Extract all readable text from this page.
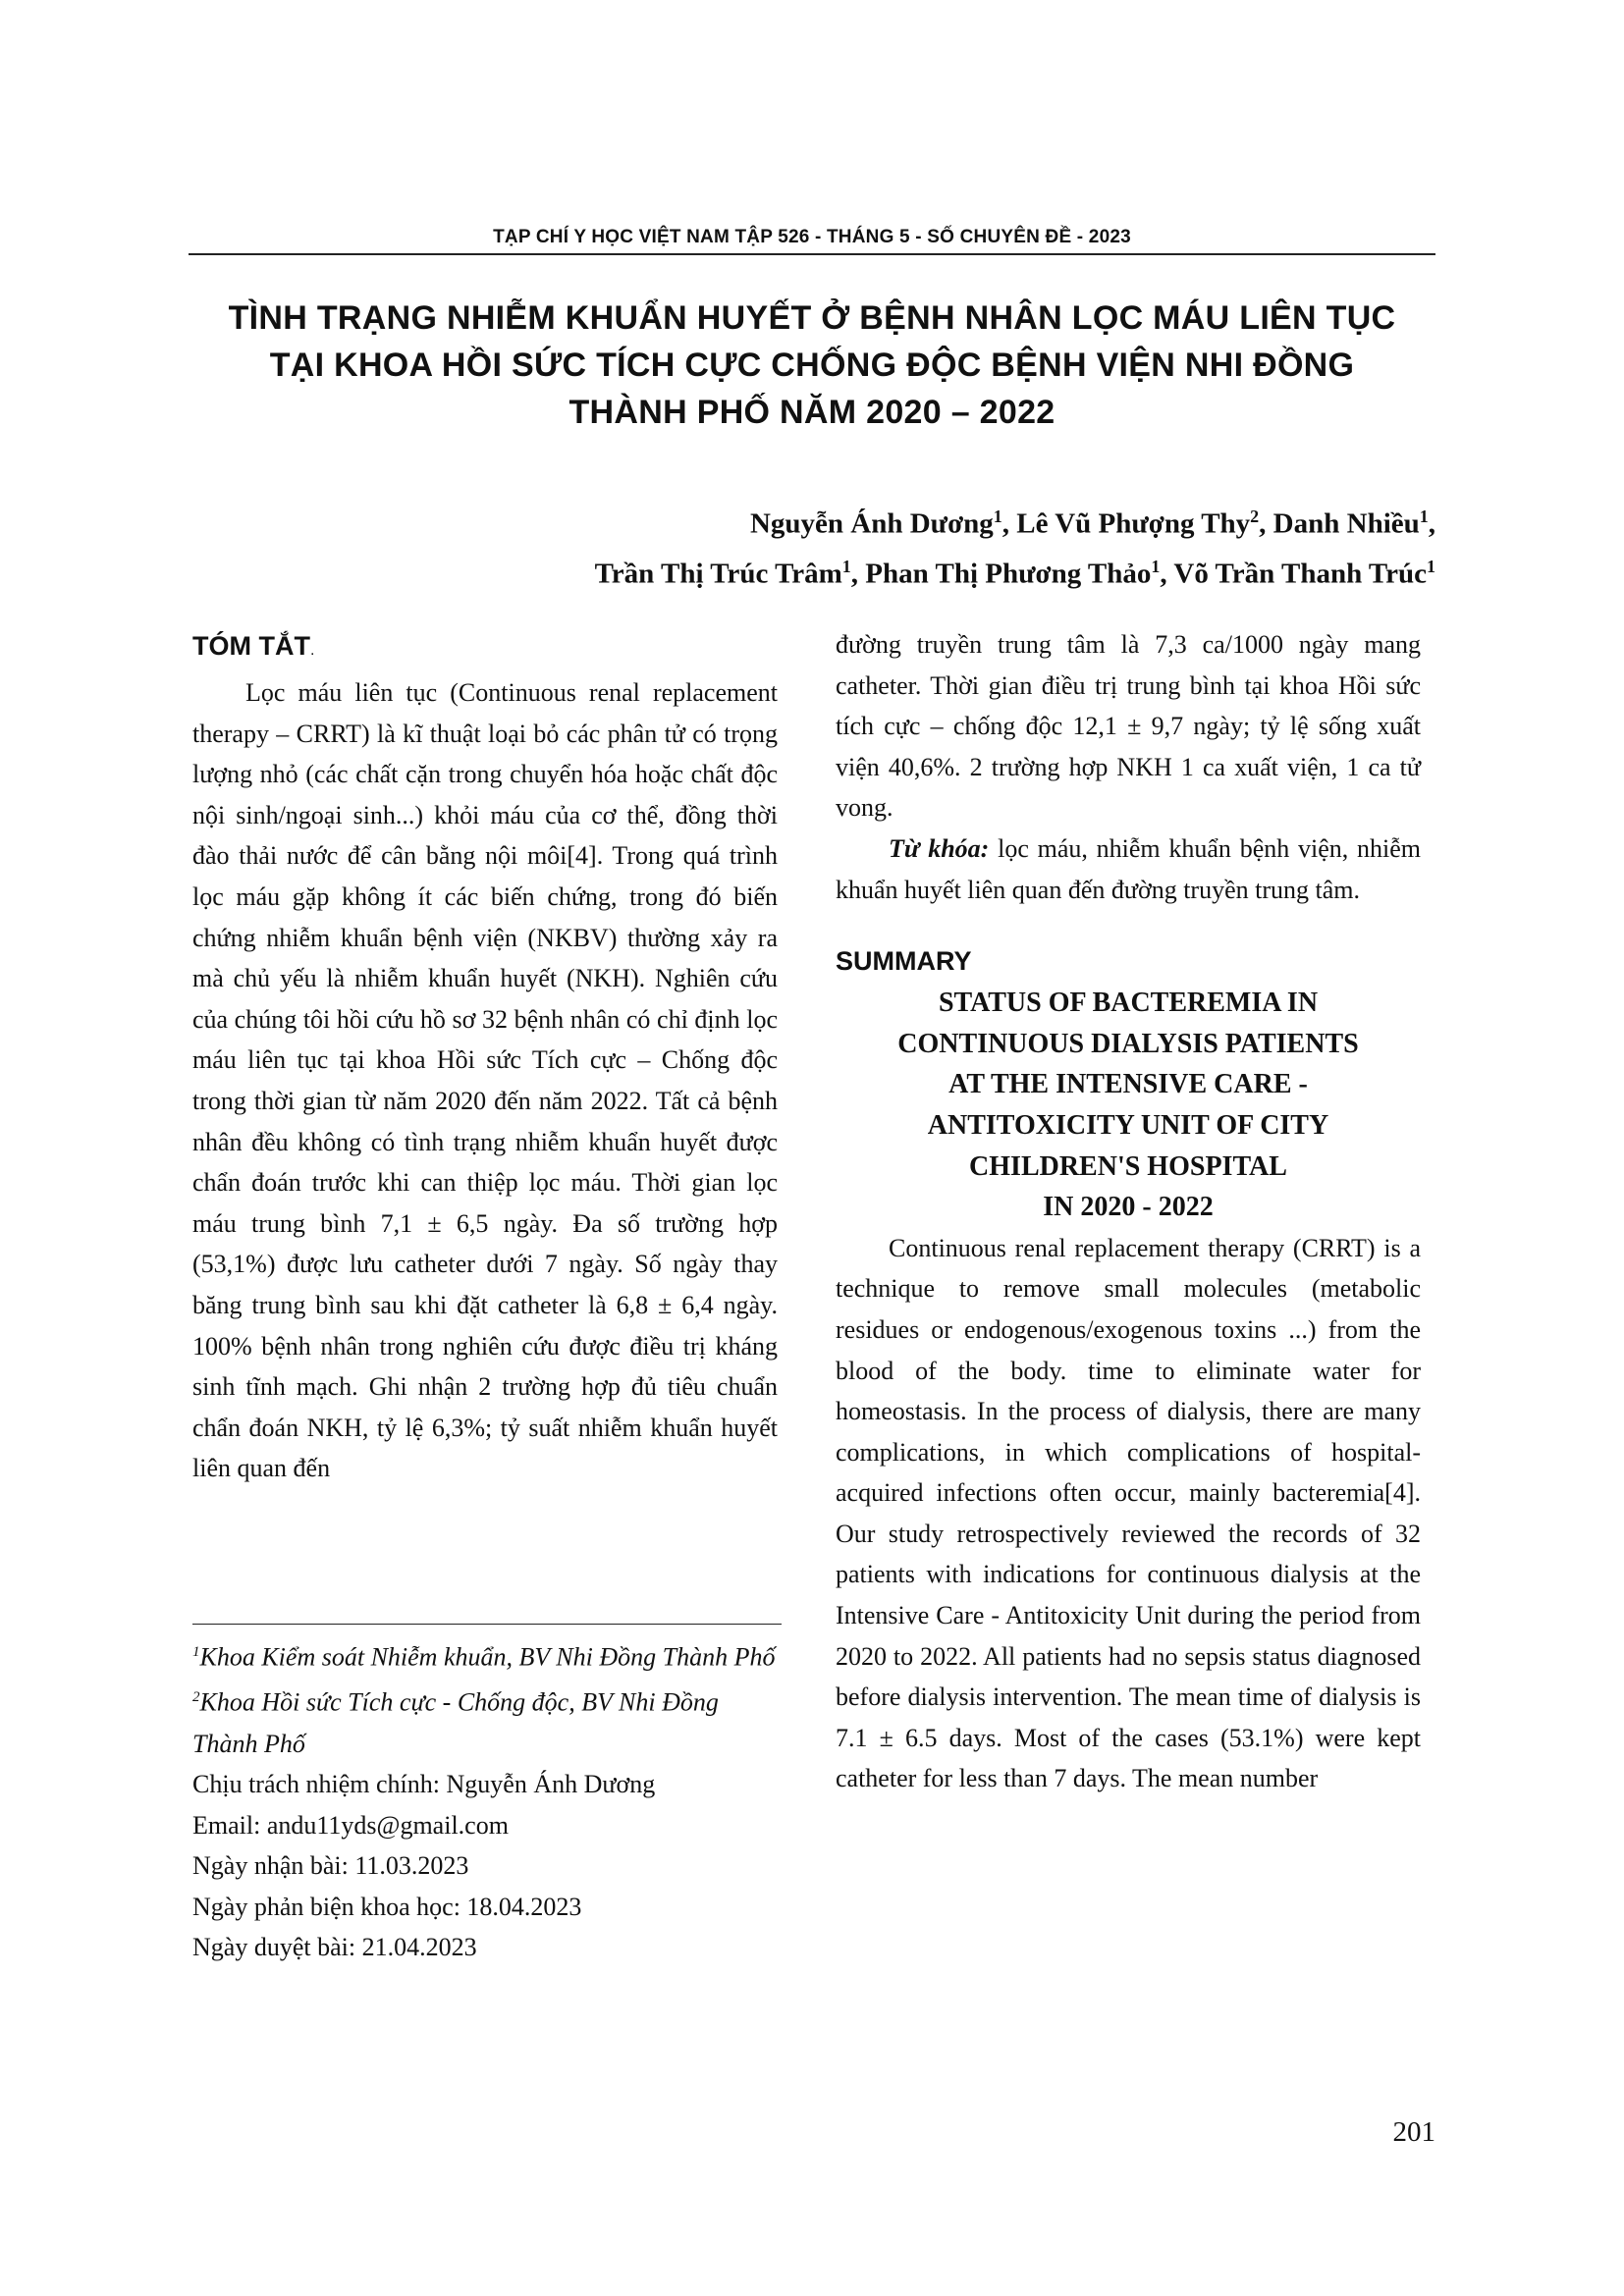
TẠP CHÍ Y HỌC VIỆT NAM TẬP 526 - THÁNG 5 - SỐ CHUYÊN ĐỀ - 2023
TÌNH TRẠNG NHIỄM KHUẨN HUYẾT Ở BỆNH NHÂN LỌC MÁU LIÊN TỤC
TẠI KHOA HỒI SỨC TÍCH CỰC CHỐNG ĐỘC BỆNH VIỆN NHI ĐỒNG
THÀNH PHỐ NĂM 2020 – 2022
Nguyễn Ánh Dương$^1$, Lê Vũ Phượng Thy$^2$, Danh Nhiều$^1$,
Trần Thị Trúc Trâm$^1$, Phan Thị Phương Thảo$^1$, Võ Trần Thanh Trúc$^1$
TÓM TẮT.

Lọc máu liên tục (Continuous renal replacement therapy – CRRT) là kĩ thuật loại bỏ các phân tử có trọng lượng nhỏ (các chất cặn trong chuyển hóa hoặc chất độc nội sinh/ngoại sinh...) khỏi máu của cơ thể, đồng thời đào thải nước để cân bằng nội môi[4]. Trong quá trình lọc máu gặp không ít các biến chứng, trong đó biến chứng nhiễm khuẩn bệnh viện (NKBV) thường xảy ra mà chủ yếu là nhiễm khuẩn huyết (NKH). Nghiên cứu của chúng tôi hồi cứu hồ sơ 32 bệnh nhân có chỉ định lọc máu liên tục tại khoa Hồi sức Tích cực – Chống độc trong thời gian từ năm 2020 đến năm 2022. Tất cả bệnh nhân đều không có tình trạng nhiễm khuẩn huyết được chẩn đoán trước khi can thiệp lọc máu. Thời gian lọc máu trung bình 7,1 ± 6,5 ngày. Đa số trường hợp (53,1%) được lưu catheter dưới 7 ngày. Số ngày thay băng trung bình sau khi đặt catheter là 6,8 ± 6,4 ngày. 100% bệnh nhân trong nghiên cứu được điều trị kháng sinh tĩnh mạch. Ghi nhận 2 trường hợp đủ tiêu chuẩn chẩn đoán NKH, tỷ lệ 6,3%; tỷ suất nhiễm khuẩn huyết liên quan đến

$^1$Khoa Kiểm soát Nhiễm khuẩn, BV Nhi Đồng Thành Phố
$^2$Khoa Hồi sức Tích cực - Chống độc, BV Nhi Đồng Thành Phố
Chịu trách nhiệm chính: Nguyễn Ánh Dương
Email: andu11yds@gmail.com
Ngày nhận bài: 11.03.2023
Ngày phản biện khoa học: 18.04.2023
Ngày duyệt bài: 21.04.2023

đường truyền trung tâm là 7,3 ca/1000 ngày mang catheter. Thời gian điều trị trung bình tại khoa Hồi sức tích cực – chống độc 12,1 ± 9,7 ngày; tỷ lệ sống xuất viện 40,6%. 2 trường hợp NKH 1 ca xuất viện, 1 ca tử vong.

Từ khóa: lọc máu, nhiễm khuẩn bệnh viện, nhiễm khuẩn huyết liên quan đến đường truyền trung tâm.

SUMMARY
STATUS OF BACTEREMIA IN
CONTINUOUS DIALYSIS PATIENTS
AT THE INTENSIVE CARE -
ANTITOXICITY UNIT OF CITY
CHILDREN'S HOSPITAL
IN 2020 - 2022

Continuous renal replacement therapy (CRRT) is a technique to remove small molecules (metabolic residues or endogenous/exogenous toxins ...) from the blood of the body. time to eliminate water for homeostasis. In the process of dialysis, there are many complications, in which complications of hospital-acquired infections often occur, mainly bacteremia[4]. Our study retrospectively reviewed the records of 32 patients with indications for continuous dialysis at the Intensive Care - Antitoxicity Unit during the period from 2020 to 2022. All patients had no sepsis status diagnosed before dialysis intervention. The mean time of dialysis is 7.1 ± 6.5 days. Most of the cases (53.1%) were kept catheter for less than 7 days. The mean number

201
